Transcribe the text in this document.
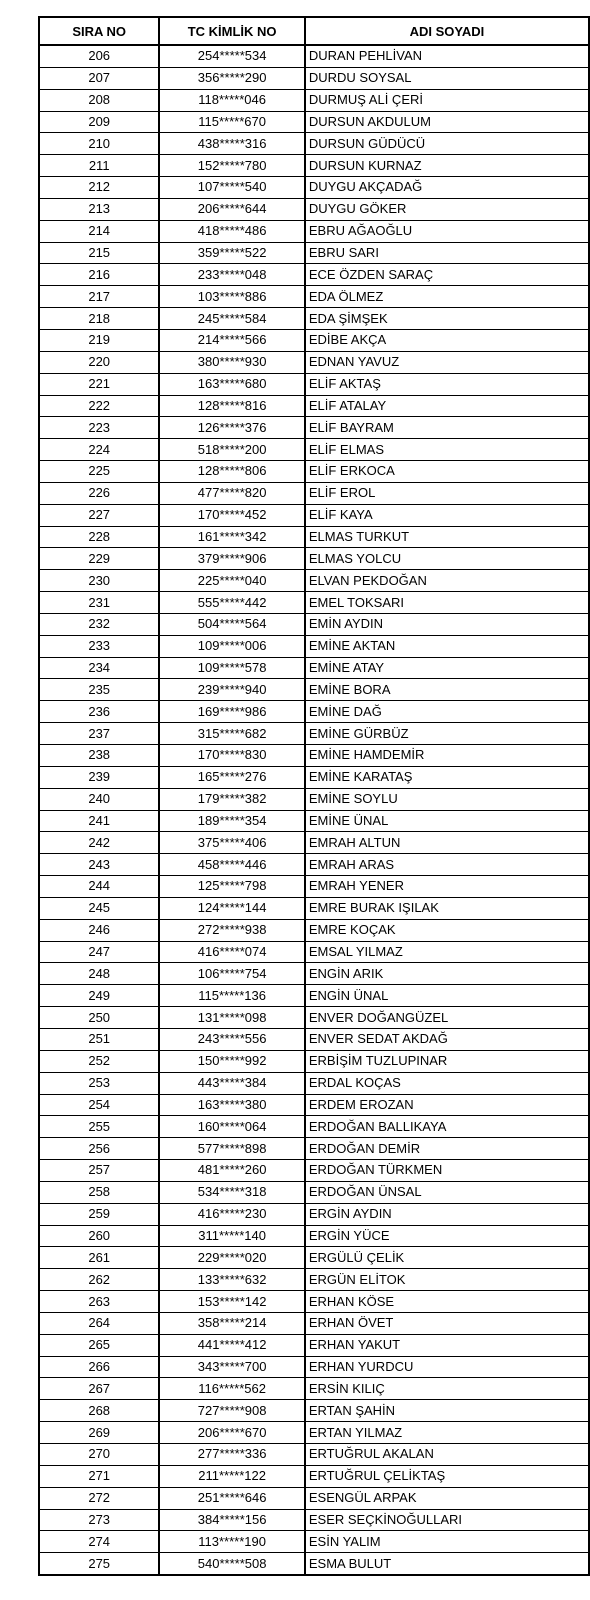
SIRA NO	TC KİMLİK NO	ADI SOYADI
206	254*****534	DURAN PEHLİVAN
207	356*****290	DURDU SOYSAL
208	118*****046	DURMUŞ ALİ ÇERİ
209	115*****670	DURSUN AKDULUM
210	438*****316	DURSUN GÜDÜCÜ
211	152*****780	DURSUN KURNAZ
212	107*****540	DUYGU AKÇADAĞ
213	206*****644	DUYGU GÖKER
214	418*****486	EBRU AĞAOĞLU
215	359*****522	EBRU SARI
216	233*****048	ECE ÖZDEN SARAÇ
217	103*****886	EDA ÖLMEZ
218	245*****584	EDA ŞİMŞEK
219	214*****566	EDİBE AKÇA
220	380*****930	EDNAN YAVUZ
221	163*****680	ELİF AKTAŞ
222	128*****816	ELİF ATALAY
223	126*****376	ELİF BAYRAM
224	518*****200	ELİF ELMAS
225	128*****806	ELİF ERKOCA
226	477*****820	ELİF EROL
227	170*****452	ELİF KAYA
228	161*****342	ELMAS TURKUT
229	379*****906	ELMAS YOLCU
230	225*****040	ELVAN PEKDOĞAN
231	555*****442	EMEL TOKSARI
232	504*****564	EMİN AYDIN
233	109*****006	EMİNE AKTAN
234	109*****578	EMİNE ATAY
235	239*****940	EMİNE BORA
236	169*****986	EMİNE DAĞ
237	315*****682	EMİNE GÜRBÜZ
238	170*****830	EMİNE HAMDEMİR
239	165*****276	EMİNE KARATAŞ
240	179*****382	EMİNE SOYLU
241	189*****354	EMİNE ÜNAL
242	375*****406	EMRAH ALTUN
243	458*****446	EMRAH ARAS
244	125*****798	EMRAH YENER
245	124*****144	EMRE BURAK IŞILAK
246	272*****938	EMRE KOÇAK
247	416*****074	EMSAL YILMAZ
248	106*****754	ENGİN ARIK
249	115*****136	ENGİN ÜNAL
250	131*****098	ENVER DOĞANGÜZEL
251	243*****556	ENVER SEDAT AKDAĞ
252	150*****992	ERBİŞİM TUZLUPINAR
253	443*****384	ERDAL KOÇAS
254	163*****380	ERDEM EROZAN
255	160*****064	ERDOĞAN BALLIKAYA
256	577*****898	ERDOĞAN DEMİR
257	481*****260	ERDOĞAN TÜRKMEN
258	534*****318	ERDOĞAN ÜNSAL
259	416*****230	ERGİN AYDIN
260	311*****140	ERGİN YÜCE
261	229*****020	ERGÜLÜ ÇELİK
262	133*****632	ERGÜN ELİTOK
263	153*****142	ERHAN KÖSE
264	358*****214	ERHAN ÖVET
265	441*****412	ERHAN YAKUT
266	343*****700	ERHAN YURDCU
267	116*****562	ERSİN KILIÇ
268	727*****908	ERTAN ŞAHİN
269	206*****670	ERTAN YILMAZ
270	277*****336	ERTUĞRUL AKALAN
271	211*****122	ERTUĞRUL ÇELİKTAŞ
272	251*****646	ESENGÜL ARPAK
273	384*****156	ESER SEÇKİNOĞULLARI
274	113*****190	ESİN YALIM
275	540*****508	ESMA BULUT
